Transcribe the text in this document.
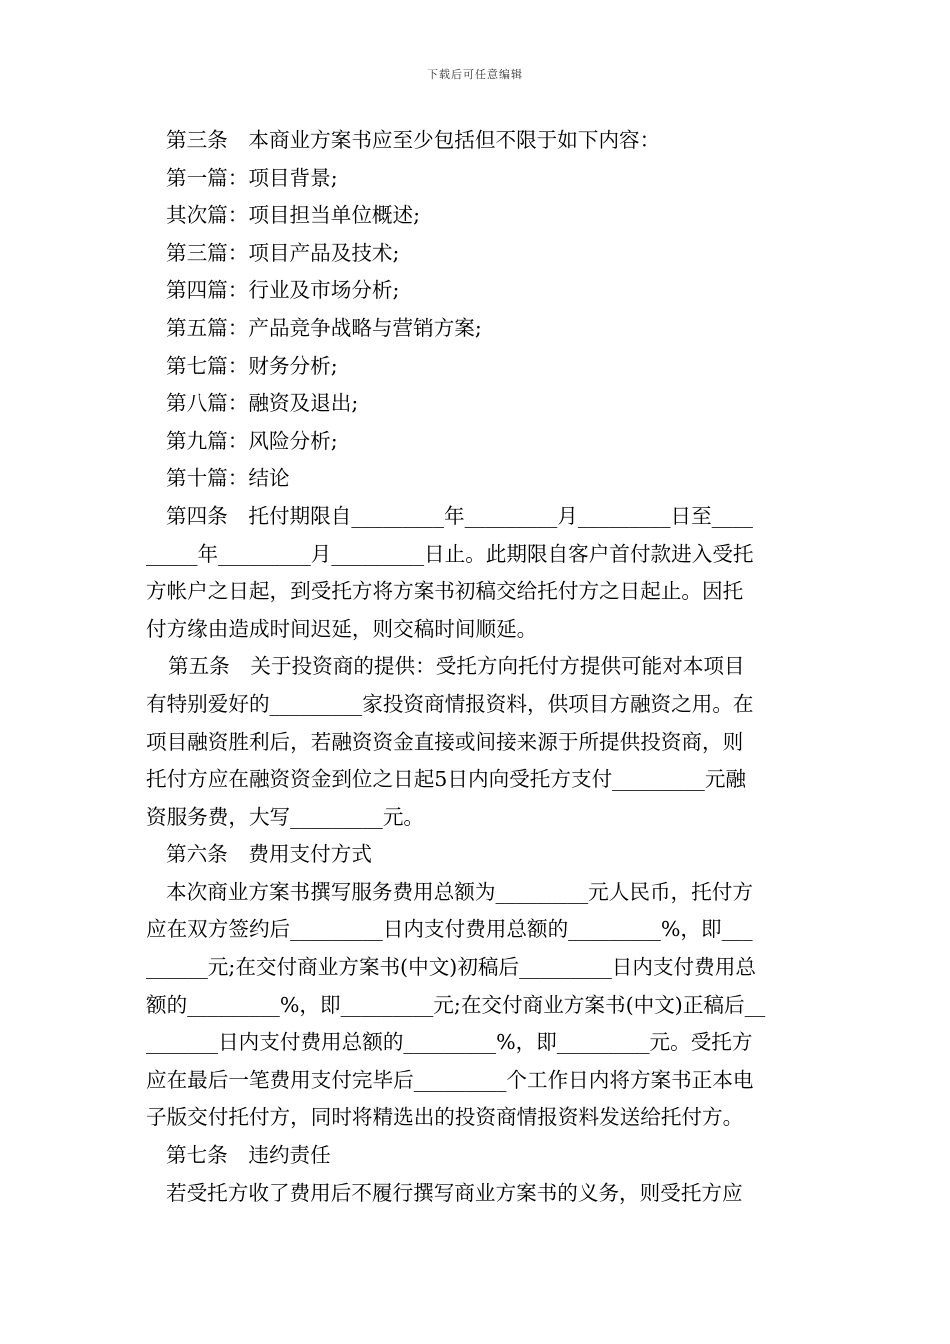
下载后可任意编辑
第三条　本商业方案书应至少包括但不限于如下内容：
第一篇：项目背景;
其次篇：项目担当单位概述;
第三篇：项目产品及技术;
第四篇：行业及市场分析;
第五篇：产品竞争战略与营销方案;
第七篇：财务分析;
第八篇：融资及退出;
第九篇：风险分析;
第十篇：结论
第四条　托付期限自_________年_________月_________日至____
_____年_________月_________日止。此期限自客户首付款进入受托
方帐户之日起，到受托方将方案书初稿交给托付方之日起止。因托
付方缘由造成时间迟延，则交稿时间顺延。
第五条　关于投资商的提供：受托方向托付方提供可能对本项目
有特别爱好的_________家投资商情报资料，供项目方融资之用。在
项目融资胜利后，若融资资金直接或间接来源于所提供投资商，则
托付方应在融资资金到位之日起5日内向受托方支付_________元融
资服务费，大写_________元。
第六条　费用支付方式
本次商业方案书撰写服务费用总额为_________元人民币，托付方
应在双方签约后_________日内支付费用总额的_________%，即___
______元;在交付商业方案书(中文)初稿后_________日内支付费用总
额的_________%，即_________元;在交付商业方案书(中文)正稿后__
_______日内支付费用总额的_________%，即_________元。受托方
应在最后一笔费用支付完毕后_________个工作日内将方案书正本电
子版交付托付方，同时将精选出的投资商情报资料发送给托付方。
第七条　违约责任
若受托方收了费用后不履行撰写商业方案书的义务，则受托方应
